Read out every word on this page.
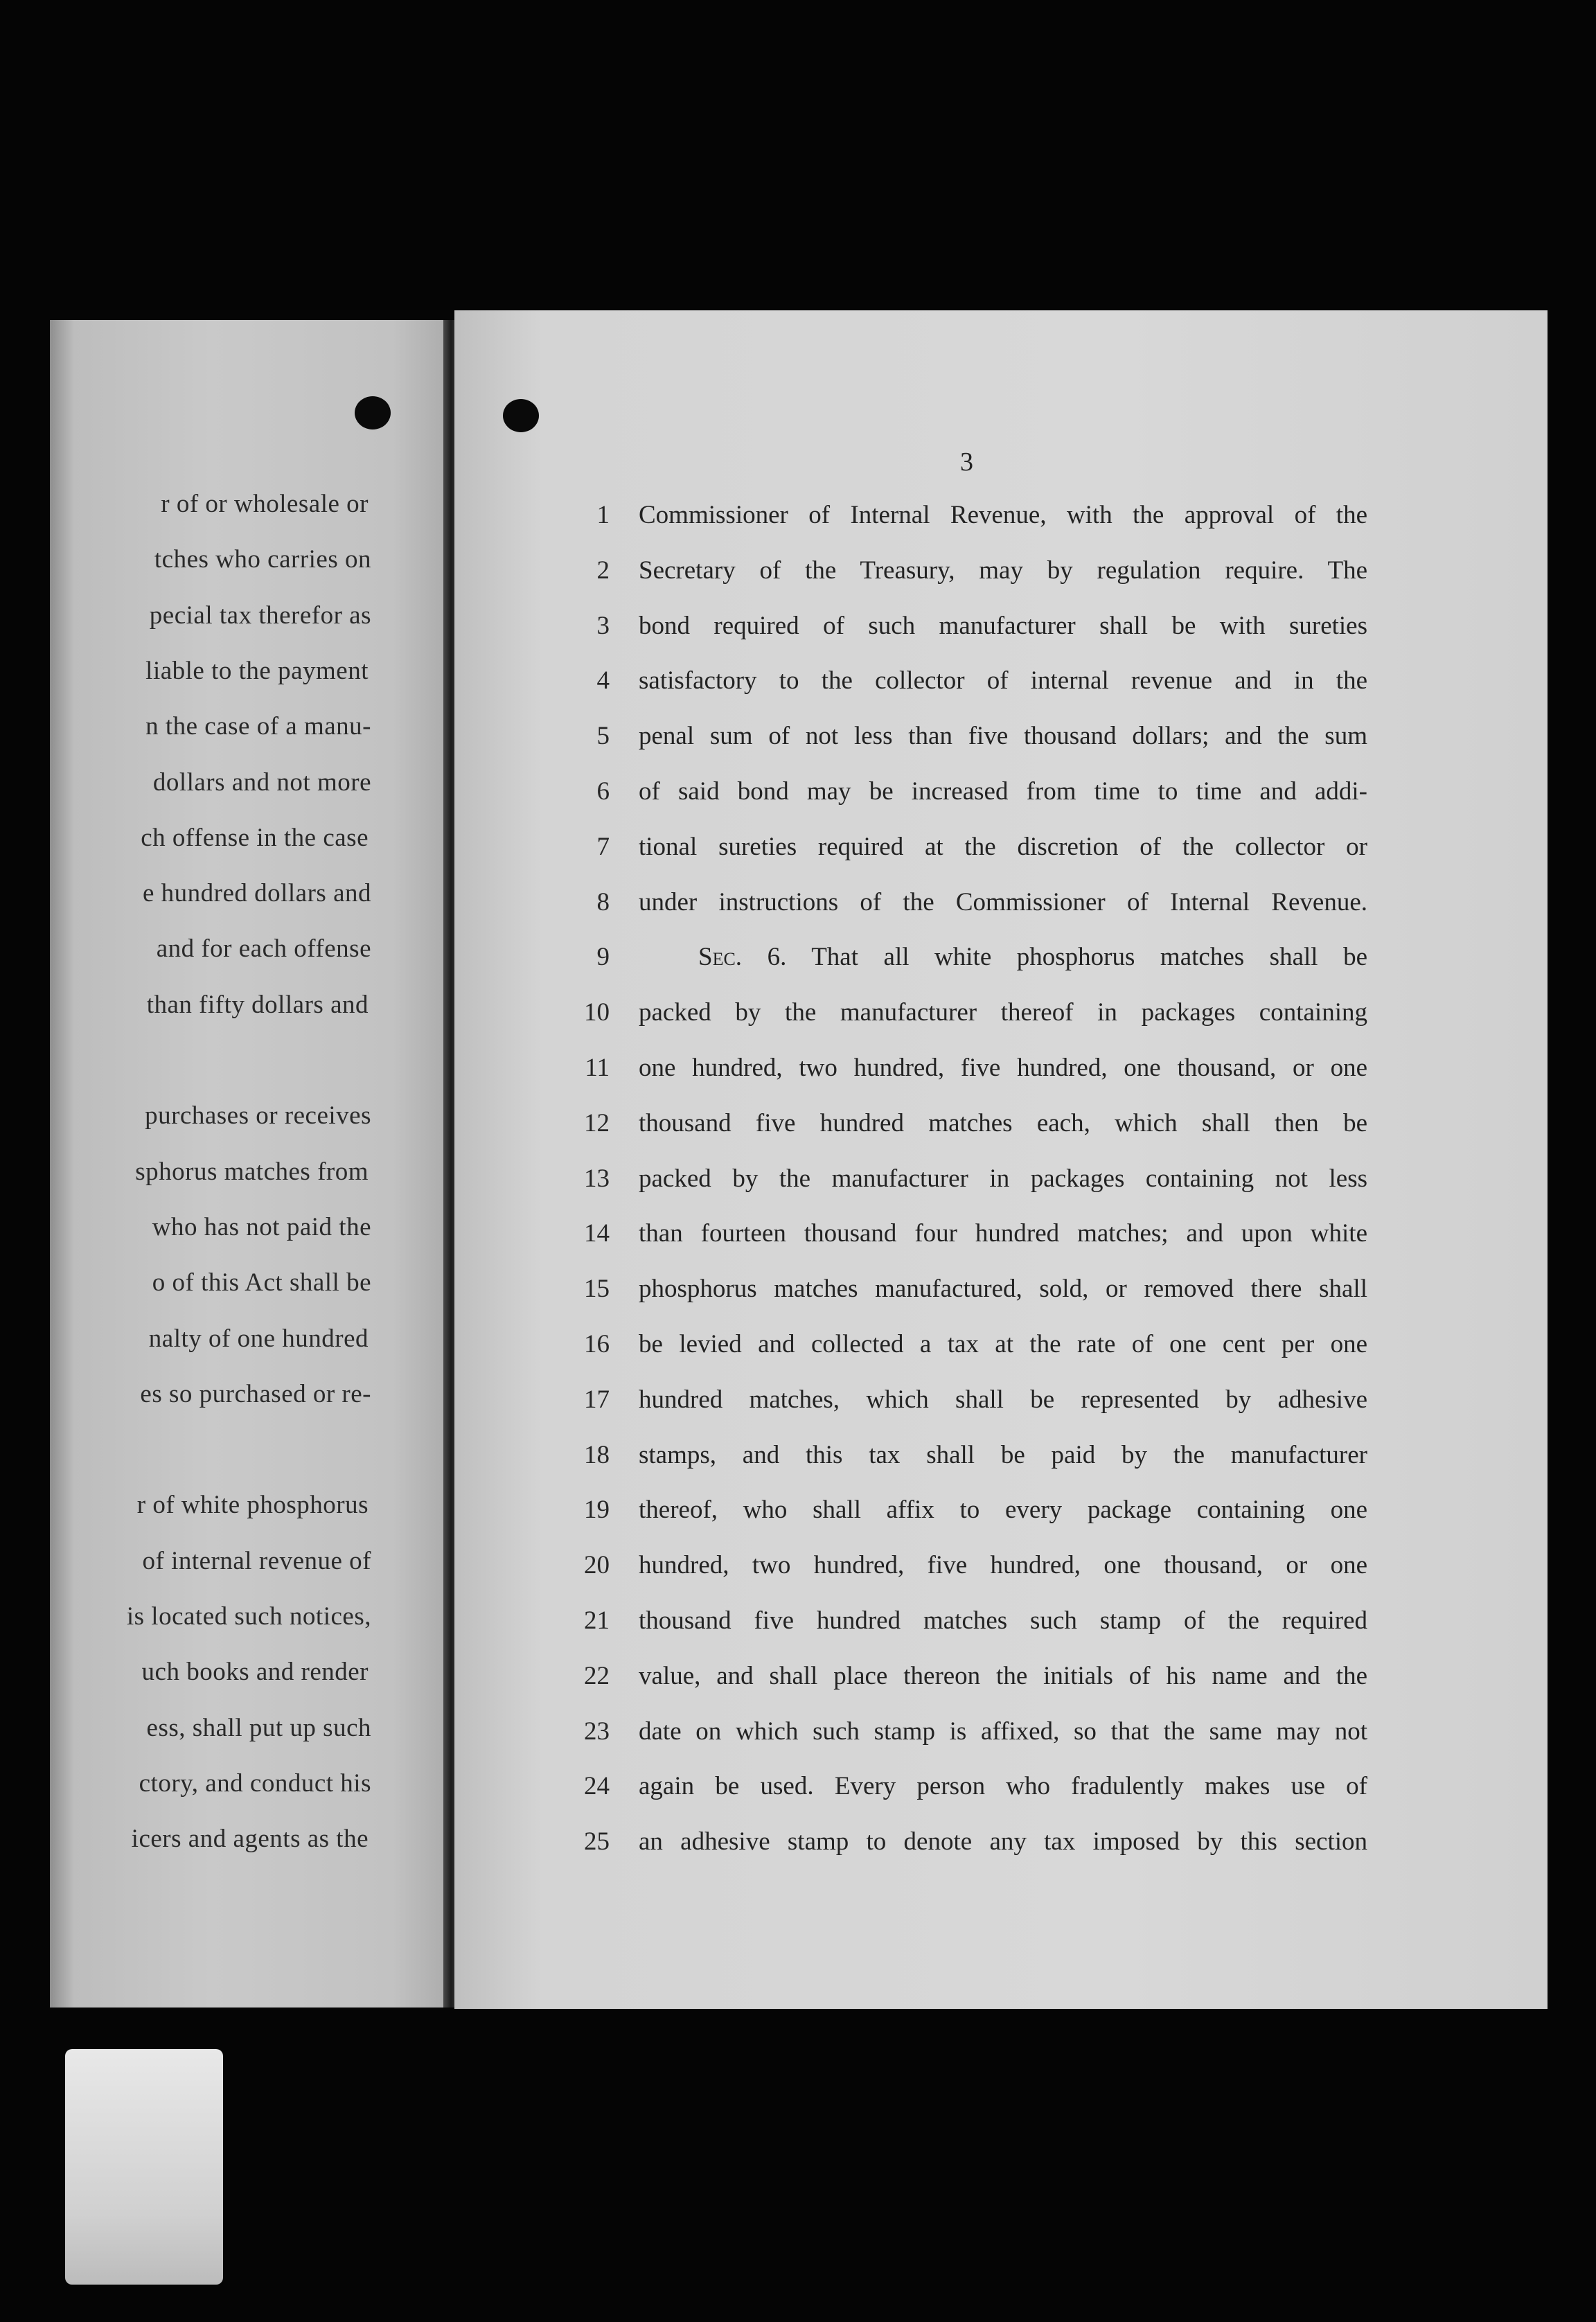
r of or wholesale or
tches who carries on
pecial tax therefor as
liable to the payment
n the case of a manu-
dollars and not more
ch offense in the case
e hundred dollars and
and for each offense
than fifty dollars and
purchases or receives
sphorus matches from
who has not paid the
o of this Act shall be
nalty of one hundred
es so purchased or re-
r of white phosphorus
of internal revenue of
is located such notices,
uch books and render
ess, shall put up such
ctory, and conduct his
icers and agents as the
3
1 Commissioner of Internal Revenue, with the approval of the
2 Secretary of the Treasury, may by regulation require. The
3 bond required of such manufacturer shall be with sureties
4 satisfactory to the collector of internal revenue and in the
5 penal sum of not less than five thousand dollars; and the sum
6 of said bond may be increased from time to time and addi-
7 tional sureties required at the discretion of the collector or
8 under instructions of the Commissioner of Internal Revenue.
9	Sec. 6. That all white phosphorus matches shall be
10 packed by the manufacturer thereof in packages containing
11 one hundred, two hundred, five hundred, one thousand, or one
12 thousand five hundred matches each, which shall then be
13 packed by the manufacturer in packages containing not less
14 than fourteen thousand four hundred matches; and upon white
15 phosphorus matches manufactured, sold, or removed there shall
16 be levied and collected a tax at the rate of one cent per one
17 hundred matches, which shall be represented by adhesive
18 stamps, and this tax shall be paid by the manufacturer
19 thereof, who shall affix to every package containing one
20 hundred, two hundred, five hundred, one thousand, or one
21 thousand five hundred matches such stamp of the required
22 value, and shall place thereon the initials of his name and the
23 date on which such stamp is affixed, so that the same may not
24 again be used. Every person who fradulently makes use of
25 an adhesive stamp to denote any tax imposed by this section
